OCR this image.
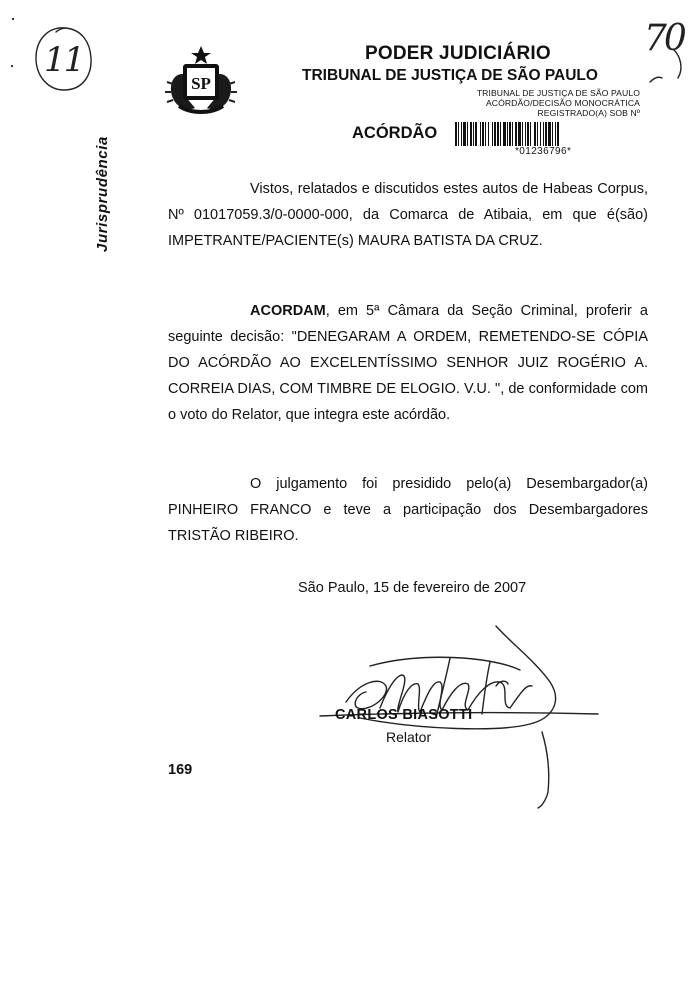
Jurisprudência
11
70
SP
PODER JUDICIÁRIO
TRIBUNAL DE JUSTIÇA DE SÃO PAULO
TRIBUNAL DE JUSTIÇA DE SÃO PAULO
ACÓRDÃO/DECISÃO MONOCRÁTICA
REGISTRADO(A) SOB Nº
ACÓRDÃO
*01236796*

Vistos, relatados e discutidos estes autos de Habeas Corpus, Nº 01017059.3/0-0000-000, da Comarca de Atibaia, em que é(são) IMPETRANTE/PACIENTE(s) MAURA BATISTA DA CRUZ.

ACORDAM, em 5ª Câmara da Seção Criminal, proferir a seguinte decisão: "DENEGARAM A ORDEM, REMETENDO-SE CÓPIA DO ACÓRDÃO AO EXCELENTÍSSIMO SENHOR JUIZ ROGÉRIO A. CORREIA DIAS, COM TIMBRE DE ELOGIO. V.U. ", de conformidade com o voto do Relator, que integra este acórdão.

O julgamento foi presidido pelo(a) Desembargador(a) PINHEIRO FRANCO e teve a participação dos Desembargadores TRISTÃO RIBEIRO.

São Paulo, 15 de fevereiro de 2007
CARLOS BIASOTTI
Relator
169
